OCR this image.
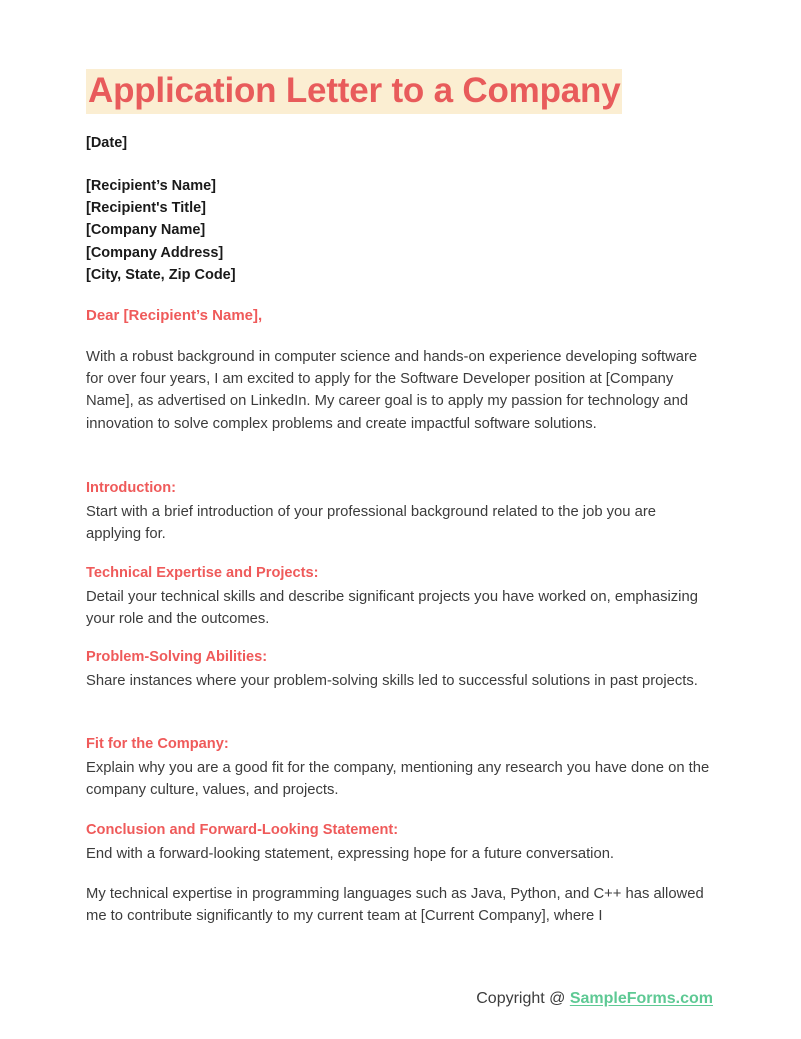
Application Letter to a Company
[Date]
[Recipient’s Name]
[Recipient's Title]
[Company Name]
[Company Address]
[City, State, Zip Code]
Dear [Recipient’s Name],

With a robust background in computer science and hands-on experience developing software for over four years, I am excited to apply for the Software Developer position at [Company Name], as advertised on LinkedIn. My career goal is to apply my passion for technology and innovation to solve complex problems and create impactful software solutions.

Introduction:

Start with a brief introduction of your professional background related to the job you are applying for.

Technical Expertise and Projects:

Detail your technical skills and describe significant projects you have worked on, emphasizing your role and the outcomes.

Problem-Solving Abilities:

Share instances where your problem-solving skills led to successful solutions in past projects.

Fit for the Company:

Explain why you are a good fit for the company, mentioning any research you have done on the company culture, values, and projects.

Conclusion and Forward-Looking Statement:

End with a forward-looking statement, expressing hope for a future conversation.

My technical expertise in programming languages such as Java, Python, and C++ has allowed me to contribute significantly to my current team at [Current Company], where I

Copyright @ SampleForms.com
